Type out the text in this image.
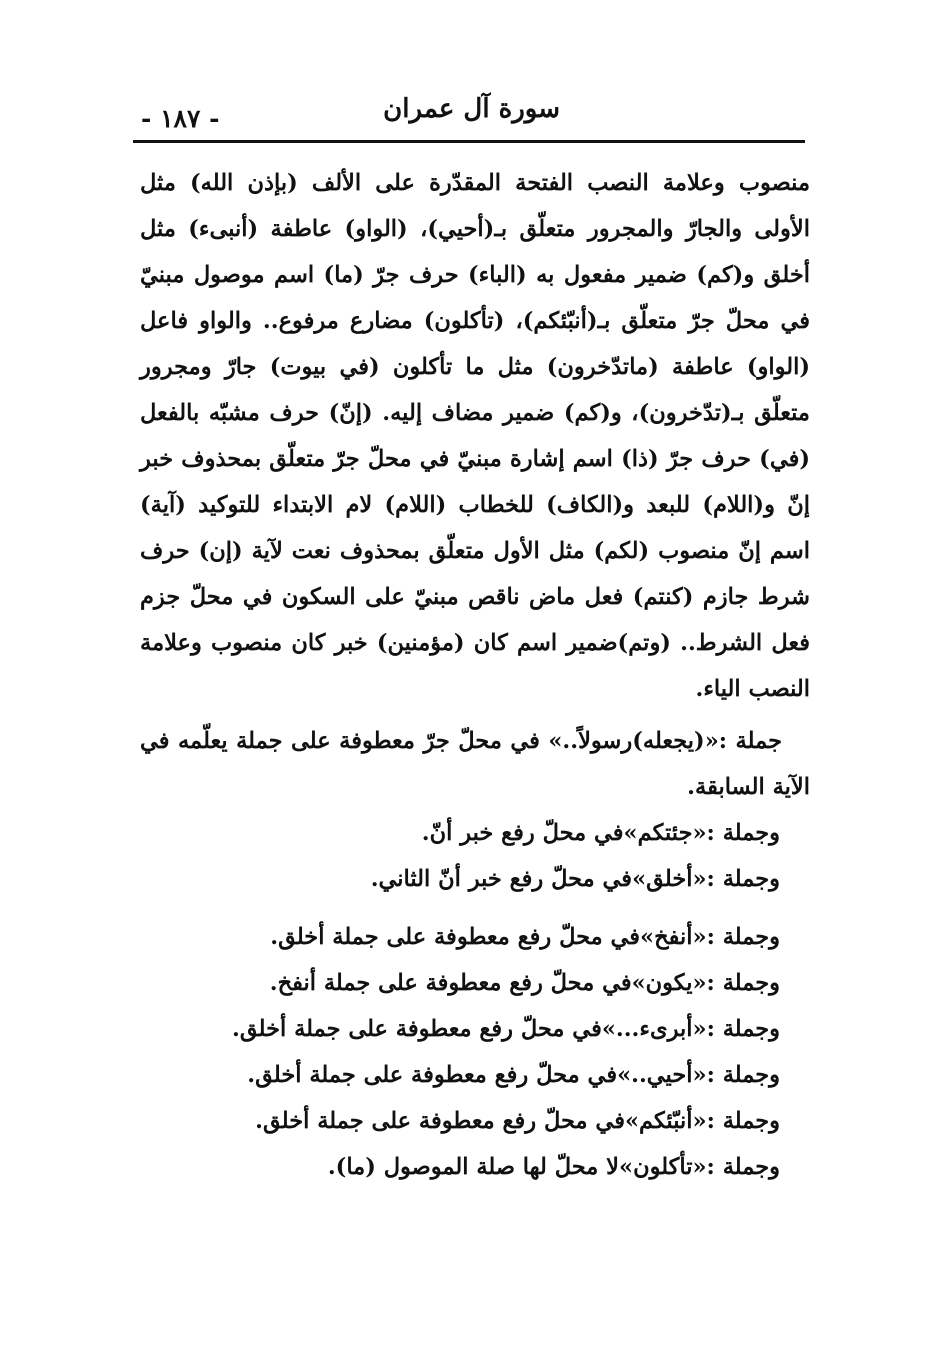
سورة آل عمران
- ١٨٧ -

منصوب وعلامة النصب الفتحة المقدّرة على الألف (بإذن الله) مثل الأولى والجارّ والمجرور متعلّق بـ(أحيي)، (الواو) عاطفة (أنبىء) مثل أخلق و(كم) ضمير مفعول به (الباء) حرف جرّ (ما) اسم موصول مبنيّ في محلّ جرّ متعلّق بـ(أنبّئكم)، (تأكلون) مضارع مرفوع.. والواو فاعل (الواو) عاطفة (ماتدّخرون) مثل ما تأكلون (في بيوت) جارّ ومجرور متعلّق بـ(تدّخرون)، و(كم) ضمير مضاف إليه. (إنّ) حرف مشبّه بالفعل (في) حرف جرّ (ذا) اسم إشارة مبنيّ في محلّ جرّ متعلّق بمحذوف خبر إنّ و(اللام) للبعد و(الكاف) للخطاب (اللام) لام الابتداء للتوكيد (آية) اسم إنّ منصوب (لكم) مثل الأول متعلّق بمحذوف نعت لآية (إن) حرف شرط جازم (كنتم) فعل ماض ناقص مبنيّ على السكون في محلّ جزم فعل الشرط.. (وتم)ضمير اسم كان (مؤمنين) خبر كان منصوب وعلامة النصب الياء.

جملة :«(يجعله)رسولاً..» في محلّ جرّ معطوفة على جملة يعلّمه في الآية السابقة.

وجملة :«جئتكم»في محلّ رفع خبر أنّ.
وجملة :«أخلق»في محلّ رفع خبر أنّ الثاني.
وجملة :«أنفخ»في محلّ رفع معطوفة على جملة أخلق.
وجملة :«يكون»في محلّ رفع معطوفة على جملة أنفخ.
وجملة :«أبرىء...»في محلّ رفع معطوفة على جملة أخلق.
وجملة :«أحيي..»في محلّ رفع معطوفة على جملة أخلق.
وجملة :«أنبّئكم»في محلّ رفع معطوفة على جملة أخلق.
وجملة :«تأكلون»لا محلّ لها صلة الموصول (ما).
